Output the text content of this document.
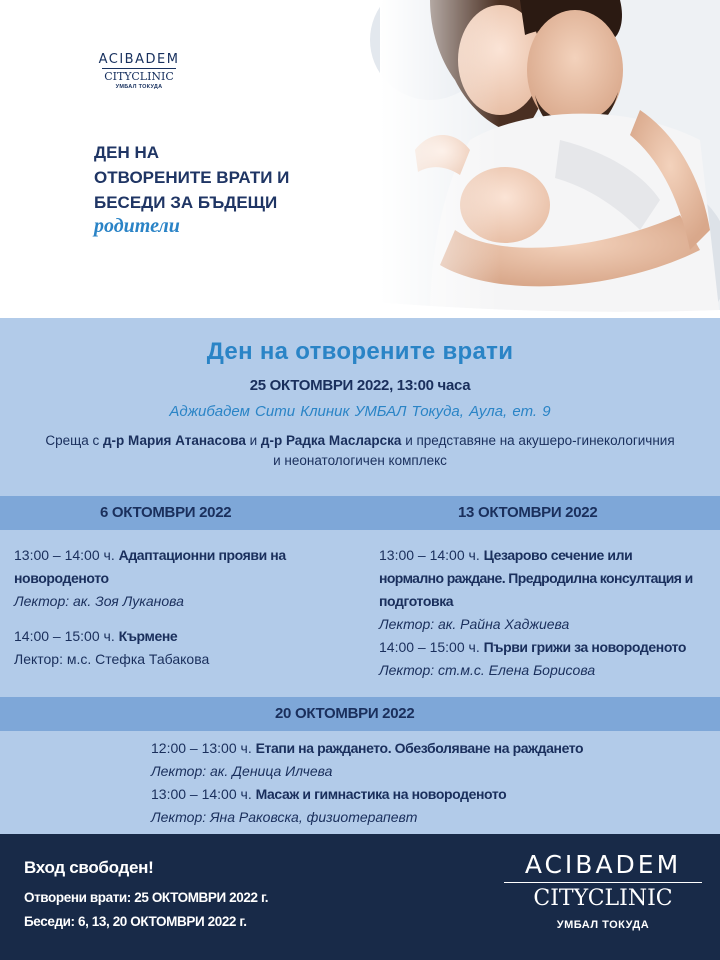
ACIBADEM
CITYCLINIC
УМБАЛ ТОКУДА
ДЕН НА
ОТВОРЕНИТЕ ВРАТИ И
БЕСЕДИ ЗА БЪДЕЩИ
родители
Ден на отворените врати
25 ОКТОМВРИ 2022, 13:00 часа
Аджибадем Сити Клиник УМБАЛ Токуда, Аула, ет. 9
Среща с д-р Мария Атанасова и д-р Радка Масларска и представяне на акушеро-гинекологичния и неонатологичен комплекс
6 ОКТОМВРИ 2022	13 ОКТОМВРИ 2022
13:00 – 14:00 ч. Адаптационни прояви на
новороденото
Лектор: ак. Зоя Луканова
14:00 – 15:00 ч. Кърмене
Лектор: м.с. Стефка Табакова
13:00 – 14:00 ч. Цезарово сечение или
нормално раждане. Предродилна консултация и
подготовка
Лектор: ак. Райна Хаджиева
14:00 – 15:00 ч. Първи грижи за новороденото
Лектор: ст.м.с. Елена Борисова
20 ОКТОМВРИ 2022
12:00 – 13:00 ч. Етапи на раждането. Обезболяване на раждането
Лектор: ак. Деница Илчева
13:00 – 14:00 ч. Масаж и гимнастика на новороденото
Лектор: Яна Раковска, физиотерапевт
Вход свободен!
Отворени врати: 25 ОКТОМВРИ 2022 г.
Беседи: 6, 13, 20 ОКТОМВРИ 2022 г.
ACIBADEM
CITYCLINIC
УМБАЛ ТОКУДА
